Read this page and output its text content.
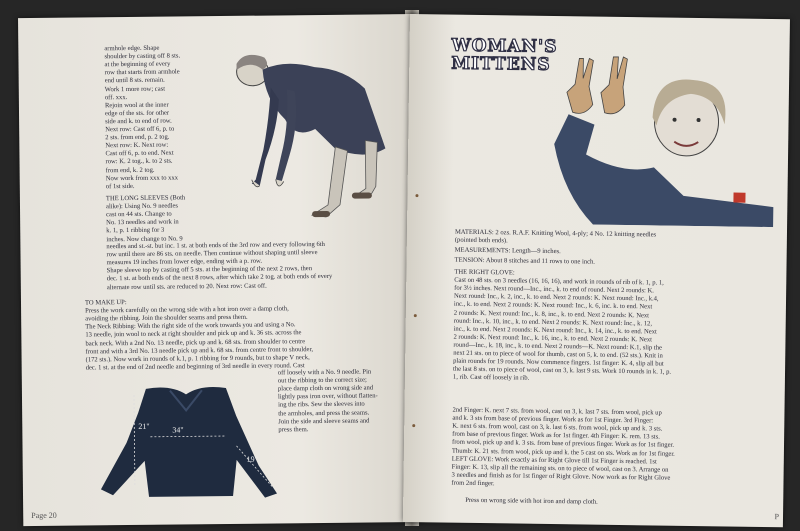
armhole edge. Shape

shoulder by casting off 8 sts.

at the beginning of every

row that starts from armhole

end until 8 sts. remain.

Work 1 more row; cast

off. xxx.

Rejoin wool at the inner

edge of the sts. for other

side and k. to end of row.

Next row: Cast off 6, p. to

2 sts. from end, p. 2 tog.

Next row: K. Next row:

Cast off 6, p. to end. Next

row: K. 2 tog., k. to 2 sts.

from end, k. 2 tog.

Now work from xxx to xxx

of 1st side.

THE LONG SLEEVES (Both

alike): Using No. 9 needles

cast on 44 sts. Change to

No. 13 needles and work in

k. 1, p. 1 ribbing for 3

inches. Now change to No. 9

needles and st.-st. but inc. 1 st. at both ends of the 3rd row and every following 6th

row until there are 86 sts. on needle. Then continue without shaping until sleeve

measures 19 inches from lower edge, ending with a p. row.

Shape sleeve top by casting off 5 sts. at the beginning of the next 2 rows, then

dec. 1 st. at both ends of the next 8 rows, after which take 2 tog. at both ends of every

alternate row until sts. are reduced to 20. Next row: Cast off.

TO MAKE UP:

Press the work carefully on the wrong side with a hot iron over a damp cloth,

avoiding the ribbing. Join the shoulder seams and press them.

The Neck Ribbing: With the right side of the work towards you and using a No.

13 needle, join wool to neck at right shoulder and pick up and k. 36 sts. across the

back neck. With a 2nd No. 13 needle, pick up and k. 68 sts. from shoulder to centre

front and with a 3rd No. 13 needle pick up and k. 68 sts. from centre front to shoulder,

(172 sts.). Now work in rounds of k.1, p. 1 ribbing for 9 rounds, but to shape V neck,

dec. 1 st. at the end of 2nd needle and beginning of 3rd needle in every round. Cast

off loosely with a No. 9 needle. Pin

out the ribbing to the correct size;

place damp cloth on wrong side and

lightly pass iron over, without flatten-

ing the ribs. Sew the sleeves into

the armholes, and press the seams.

Join the side and sleeve seams and

press them.

21"	34"
19"
Page 20
WOMAN'S
MITTENS

MATERIALS: 2 ozs. R.A.F. Knitting Wool, 4-ply; 4 No. 12 knitting needles

(pointed both ends).

MEASUREMENTS: Length—9 inches.

TENSION: About 8 stitches and 11 rows to one inch.

THE RIGHT GLOVE:

Cast on 48 sts. on 3 needles (16, 16, 16), and work in rounds of rib of k. 1, p. 1,

for 3½ inches. Next round—Inc., inc., k. to end of round. Next 2 rounds: K.

Next round: Inc., k. 2, inc., k. to end. Next 2 rounds: K. Next round: Inc., k.4,

inc., k. to end. Next 2 rounds: K. Next round: Inc., k. 6, inc. k. to end. Next

2 rounds: K. Next round: Inc., k. 8, inc., k. to end. Next 2 rounds: K. Next

round: Inc., k. 10, inc., k. to end. Next 2 rounds: K. Next round: Inc., k. 12,

inc., k. to end. Next 2 rounds: K. Next round: Inc., k. 14, inc., k. to end. Next

2 rounds: K. Next round: Inc., k. 16, inc., k. to end. Next 2 rounds: K. Next

round—Inc., k. 18, inc., k. to end. Next 2 rounds—K. Next round: K.1, slip the

next 21 sts. on to piece of wool for thumb, cast on 5, k. to end. (52 sts.). Knit in

plain rounds for 19 rounds. Now commence fingers. 1st finger: K. 4, slip all but

the last 8 sts. on to piece of wool, cast on 3, k. last 9 sts. Work 10 rounds in k. 1, p.

1, rib. Cast off loosely in rib.

2nd Finger: K. next 7 sts. from wool, cast on 3, k. last 7 sts. from wool, pick up

and k. 3 sts from base of previous finger. Work as for 1st Finger. 3rd Finger:

K. next 6 sts. from wool, cast on 3, k. last 6 sts. from wool, pick up and k. 3 sts.

from base of previous finger. Work as for 1st finger. 4th Finger: K. rem. 13 sts.

from wool, pick up and k. 3 sts. from base of previous finger. Work as for 1st finger.

Thumb: K. 21 sts. from wool, pick up and k. the 5 cast on sts. Work as for 1st finger.

LEFT GLOVE: Work exactly as for Right Glove till 1st Finger is reached. 1st

Finger: K. 13, slip all the remaining sts. on to piece of wool, cast on 3. Arrange on

3 needles and finish as for 1st finger of Right Glove. Now work as for Right Glove

from 2nd finger.

Press on wrong side with hot iron and damp cloth.

P
